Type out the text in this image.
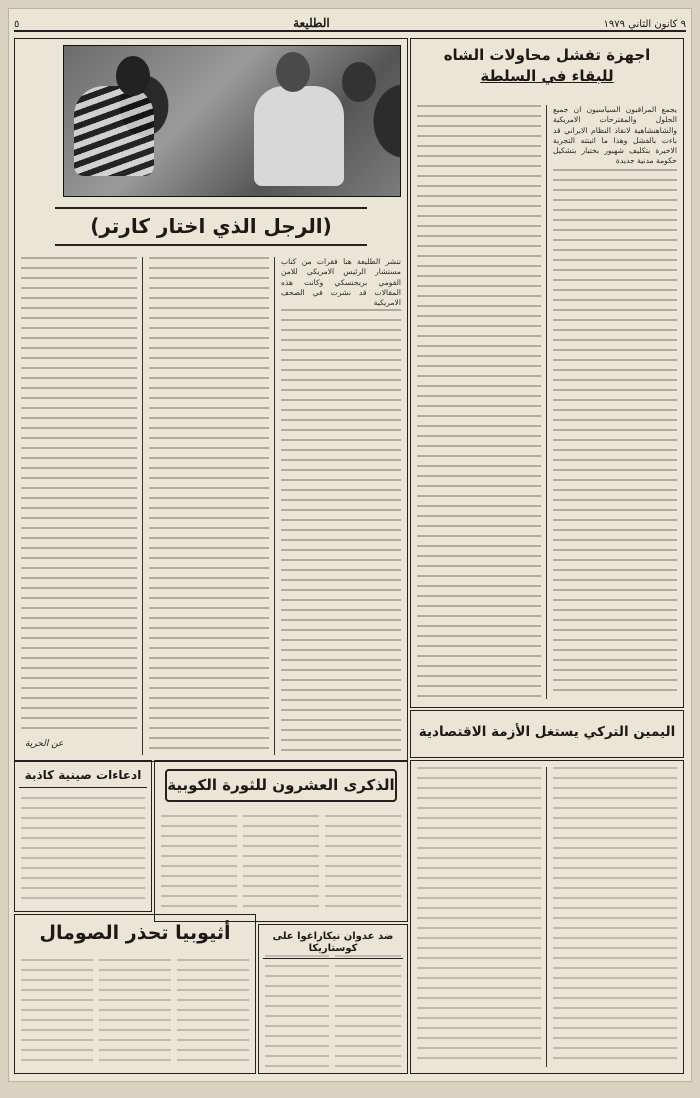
٩ كانون الثاني ١٩٧٩
الطليعة
٥
اجهزة تفشل محاولات الشاه
للبقاء في السلطة
يجمع المراقبون السياسيون ان جميع الحلول والمقترحات الامريكية والشاهنشاهية لانقاذ النظام الايراني قد باءت بالفشل وهذا ما اثبتته التجربة الاخيرة بتكليف شهبور بختيار بتشكيل حكومة مدنية جديدة
(الرجل الذي اختار كارتر)
تنشر الطليعة هنا فقرات من كتاب مستشار الرئيس الامريكي للامن القومي بريجنسكي وكانت هذه المقالات قد نشرت في الصحف الامريكية
عن الحرية
اليمين التركي يستغل الأزمة الاقتصادية
الذكرى العشرون للثورة الكوبية
ادعاءات صينية كاذبة
ضد عدوان نيكاراغوا على كوستاريكا
أثيوبيا تحذر الصومال
